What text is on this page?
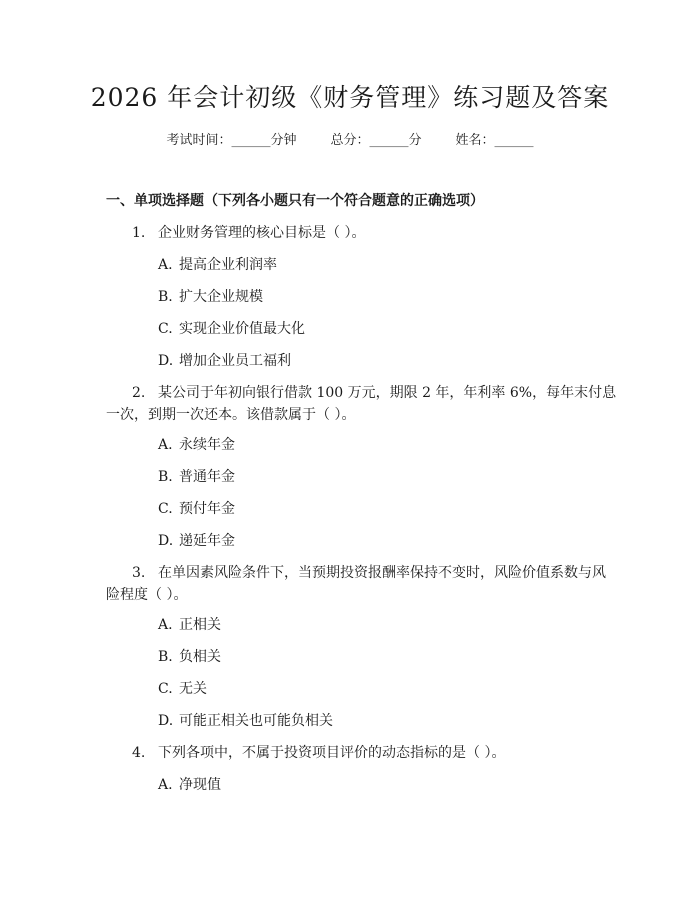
2026 年会计初级《财务管理》练习题及答案
考试时间：______分钟	总分：______分	姓名：______
一、单项选择题（下列各小题只有一个符合题意的正确选项）
1. 企业财务管理的核心目标是（ ）。
A. 提高企业利润率
B. 扩大企业规模
C. 实现企业价值最大化
D. 增加企业员工福利
2. 某公司于年初向银行借款 100 万元，期限 2 年，年利率 6%，每年末付息
一次，到期一次还本。该借款属于（ ）。
A. 永续年金
B. 普通年金
C. 预付年金
D. 递延年金
3. 在单因素风险条件下，当预期投资报酬率保持不变时，风险价值系数与风
险程度（ ）。
A. 正相关
B. 负相关
C. 无关
D. 可能正相关也可能负相关
4. 下列各项中，不属于投资项目评价的动态指标的是（ ）。
A. 净现值
